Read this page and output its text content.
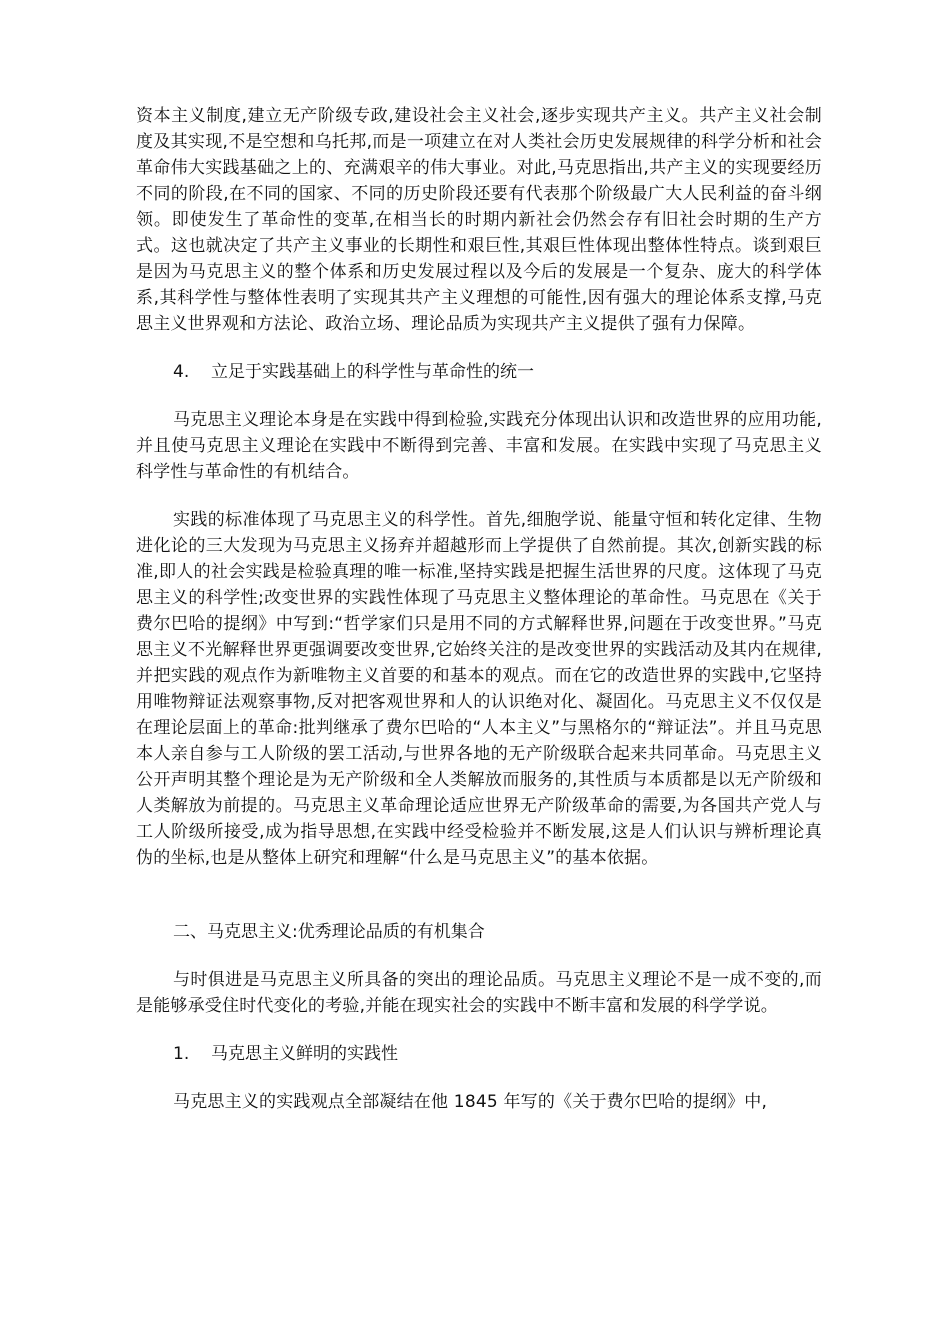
资本主义制度,建立无产阶级专政,建设社会主义社会,逐步实现共产主义。共产主义社会制度及其实现,不是空想和乌托邦,而是一项建立在对人类社会历史发展规律的科学分析和社会革命伟大实践基础之上的、充满艰辛的伟大事业。对此,马克思指出,共产主义的实现要经历不同的阶段,在不同的国家、不同的历史阶段还要有代表那个阶级最广大人民利益的奋斗纲领。即使发生了革命性的变革,在相当长的时期内新社会仍然会存有旧社会时期的生产方式。这也就决定了共产主义事业的长期性和艰巨性,其艰巨性体现出整体性特点。谈到艰巨是因为马克思主义的整个体系和历史发展过程以及今后的发展是一个复杂、庞大的科学体系,其科学性与整体性表明了实现其共产主义理想的可能性,因有强大的理论体系支撑,马克思主义世界观和方法论、政治立场、理论品质为实现共产主义提供了强有力保障。

4. 立足于实践基础上的科学性与革命性的统一

马克思主义理论本身是在实践中得到检验,实践充分体现出认识和改造世界的应用功能,并且使马克思主义理论在实践中不断得到完善、丰富和发展。在实践中实现了马克思主义科学性与革命性的有机结合。

实践的标准体现了马克思主义的科学性。首先,细胞学说、能量守恒和转化定律、生物进化论的三大发现为马克思主义扬弃并超越形而上学提供了自然前提。其次,创新实践的标准,即人的社会实践是检验真理的唯一标准,坚持实践是把握生活世界的尺度。这体现了马克思主义的科学性;改变世界的实践性体现了马克思主义整体理论的革命性。马克思在《关于费尔巴哈的提纲》中写到:“哲学家们只是用不同的方式解释世界,问题在于改变世界。”马克思主义不光解释世界更强调要改变世界,它始终关注的是改变世界的实践活动及其内在规律,并把实践的观点作为新唯物主义首要的和基本的观点。而在它的改造世界的实践中,它坚持用唯物辩证法观察事物,反对把客观世界和人的认识绝对化、凝固化。马克思主义不仅仅是在理论层面上的革命:批判继承了费尔巴哈的“人本主义”与黑格尔的“辩证法”。并且马克思本人亲自参与工人阶级的罢工活动,与世界各地的无产阶级联合起来共同革命。马克思主义公开声明其整个理论是为无产阶级和全人类解放而服务的,其性质与本质都是以无产阶级和人类解放为前提的。马克思主义革命理论适应世界无产阶级革命的需要,为各国共产党人与工人阶级所接受,成为指导思想,在实践中经受检验并不断发展,这是人们认识与辨析理论真伪的坐标,也是从整体上研究和理解“什么是马克思主义”的基本依据。

二、马克思主义:优秀理论品质的有机集合

与时俱进是马克思主义所具备的突出的理论品质。马克思主义理论不是一成不变的,而是能够承受住时代变化的考验,并能在现实社会的实践中不断丰富和发展的科学学说。

1. 马克思主义鲜明的实践性

马克思主义的实践观点全部凝结在他 1845 年写的《关于费尔巴哈的提纲》中,
